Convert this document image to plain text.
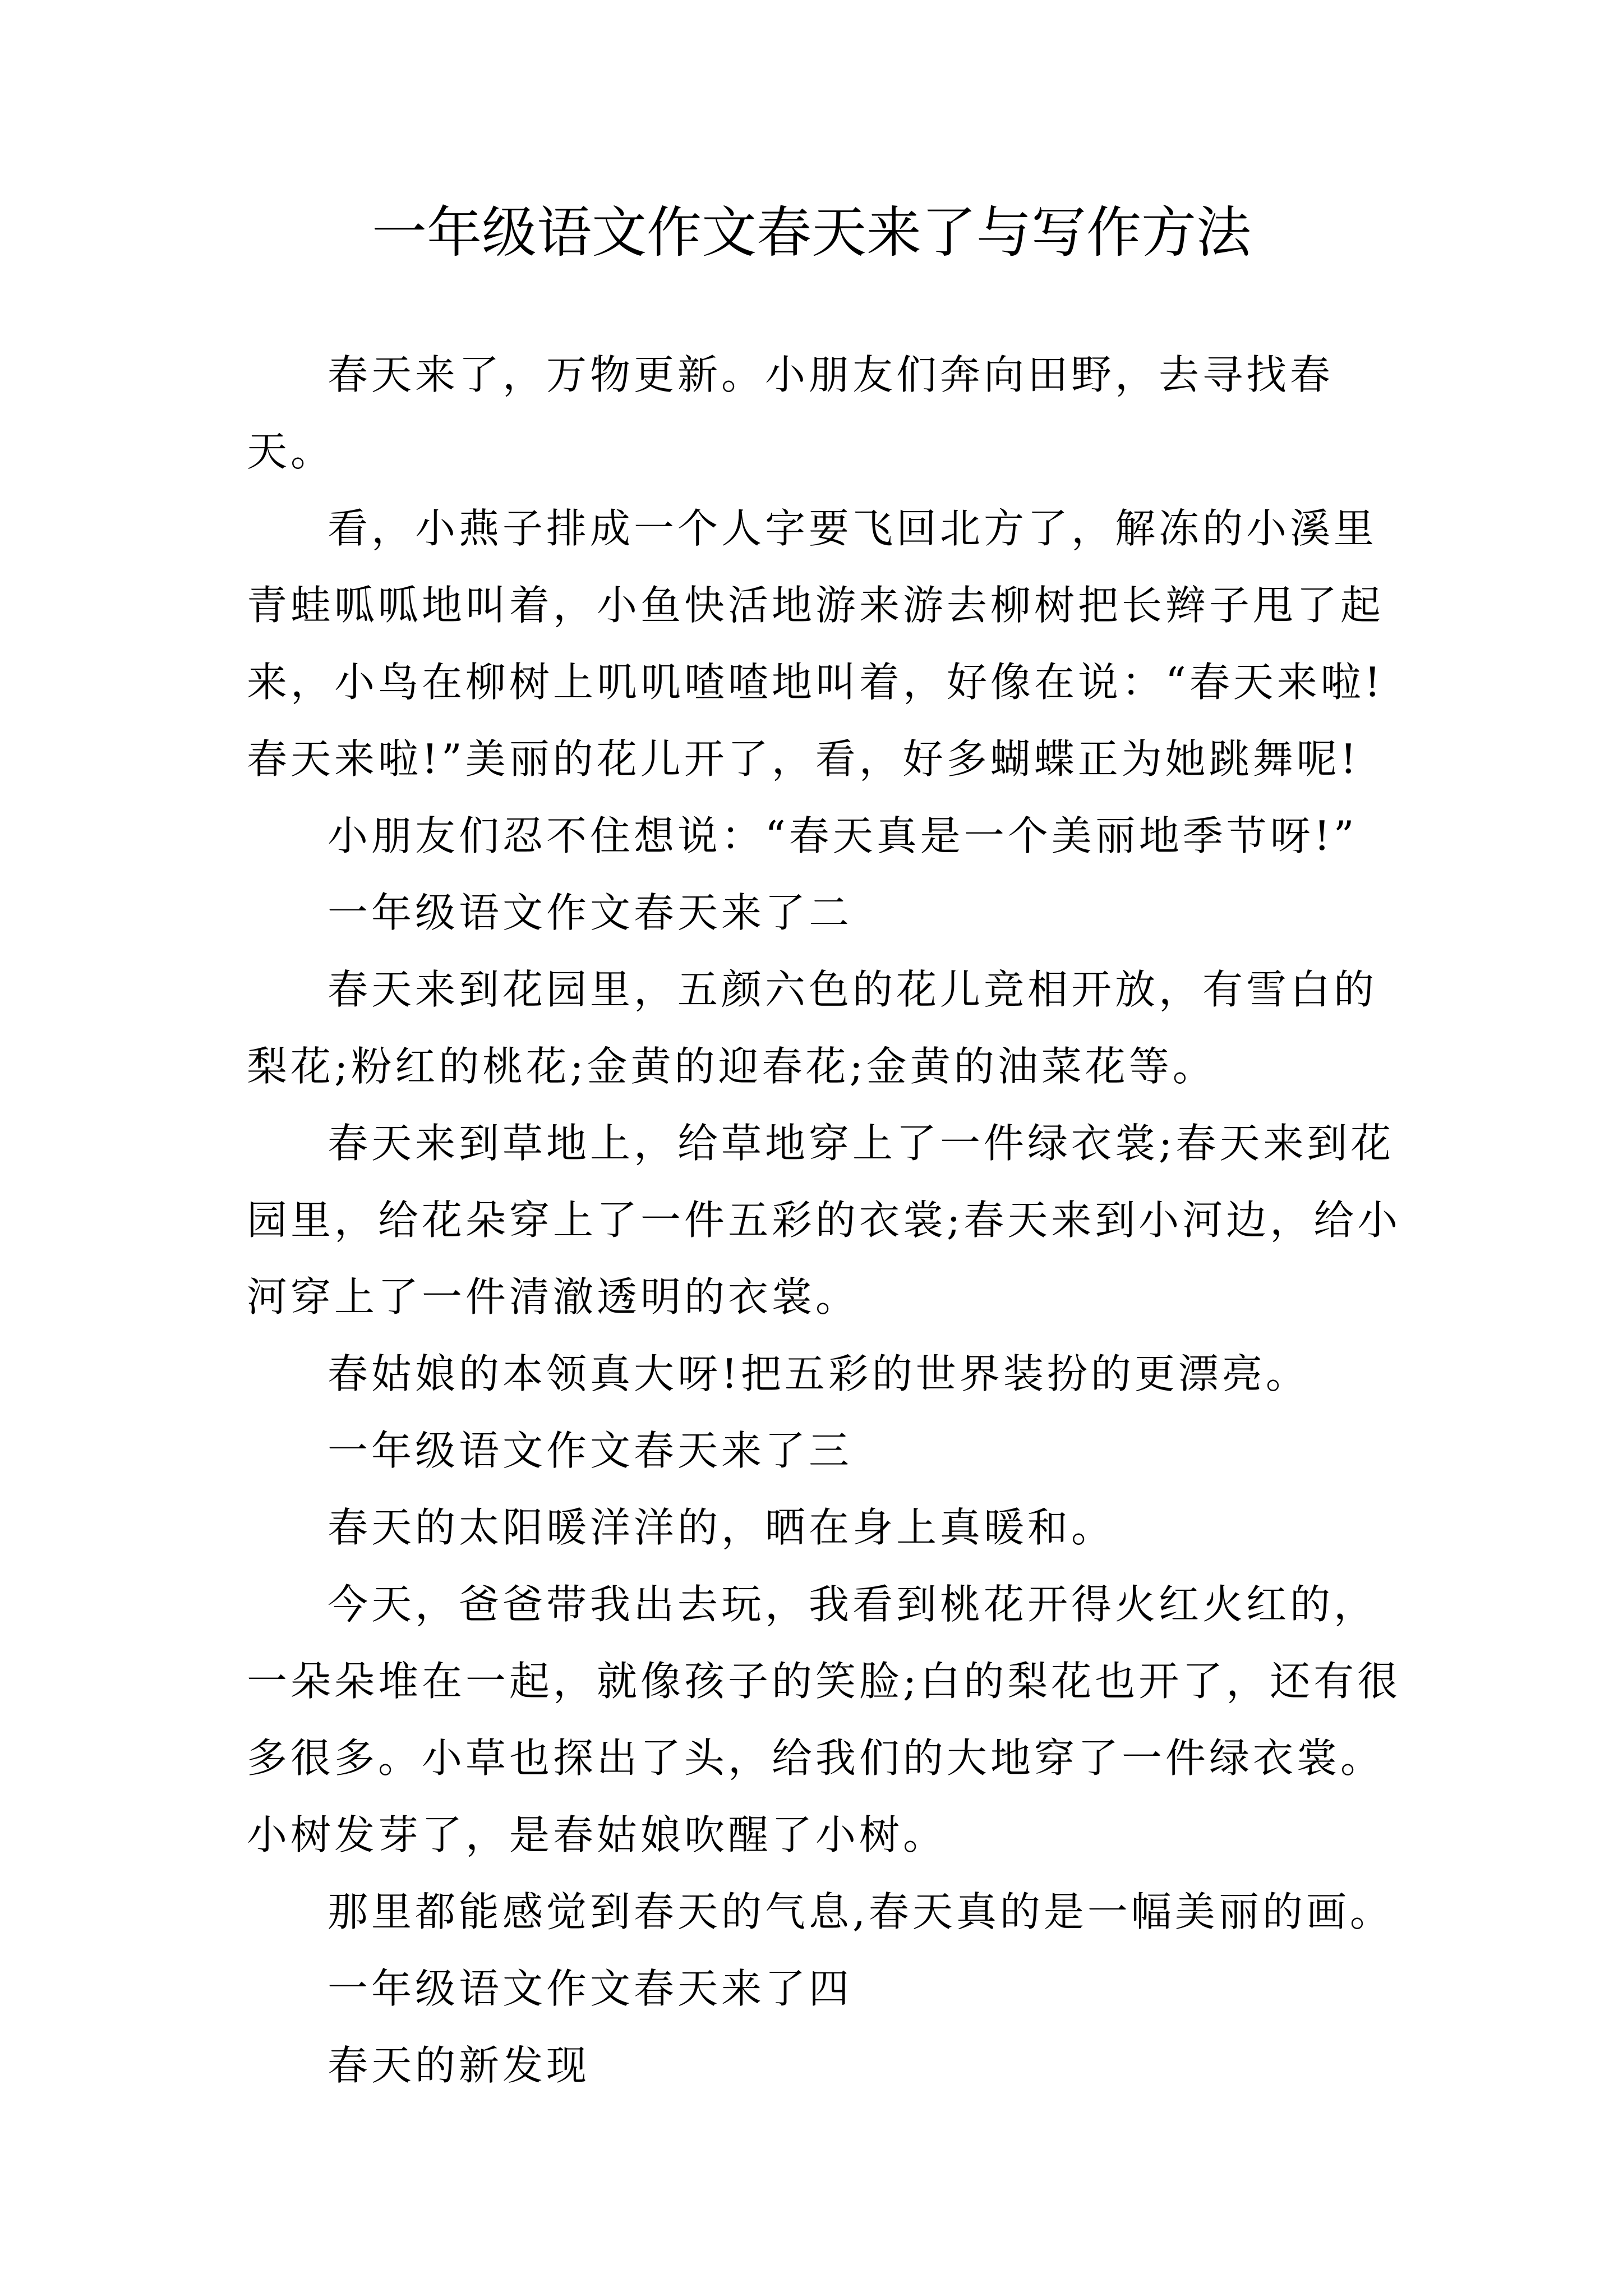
一年级语文作文春天来了与写作方法

春天来了，万物更新。小朋友们奔向田野，去寻找春天。

看，小燕子排成一个人字要飞回北方了，解冻的小溪里青蛙呱呱地叫着，小鱼快活地游来游去柳树把长辫子甩了起来，小鸟在柳树上叽叽喳喳地叫着，好像在说：“春天来啦!春天来啦!”美丽的花儿开了，看，好多蝴蝶正为她跳舞呢!

小朋友们忍不住想说：“春天真是一个美丽地季节呀!”

一年级语文作文春天来了二

春天来到花园里，五颜六色的花儿竞相开放，有雪白的梨花;粉红的桃花;金黄的迎春花;金黄的油菜花等。

春天来到草地上，给草地穿上了一件绿衣裳;春天来到花园里，给花朵穿上了一件五彩的衣裳;春天来到小河边，给小河穿上了一件清澈透明的衣裳。

春姑娘的本领真大呀!把五彩的世界装扮的更漂亮。

一年级语文作文春天来了三

春天的太阳暖洋洋的，晒在身上真暖和。

今天，爸爸带我出去玩，我看到桃花开得火红火红的，一朵朵堆在一起，就像孩子的笑脸;白的梨花也开了，还有很多很多。小草也探出了头，给我们的大地穿了一件绿衣裳。小树发芽了，是春姑娘吹醒了小树。

那里都能感觉到春天的气息,春天真的是一幅美丽的画。

一年级语文作文春天来了四

春天的新发现
